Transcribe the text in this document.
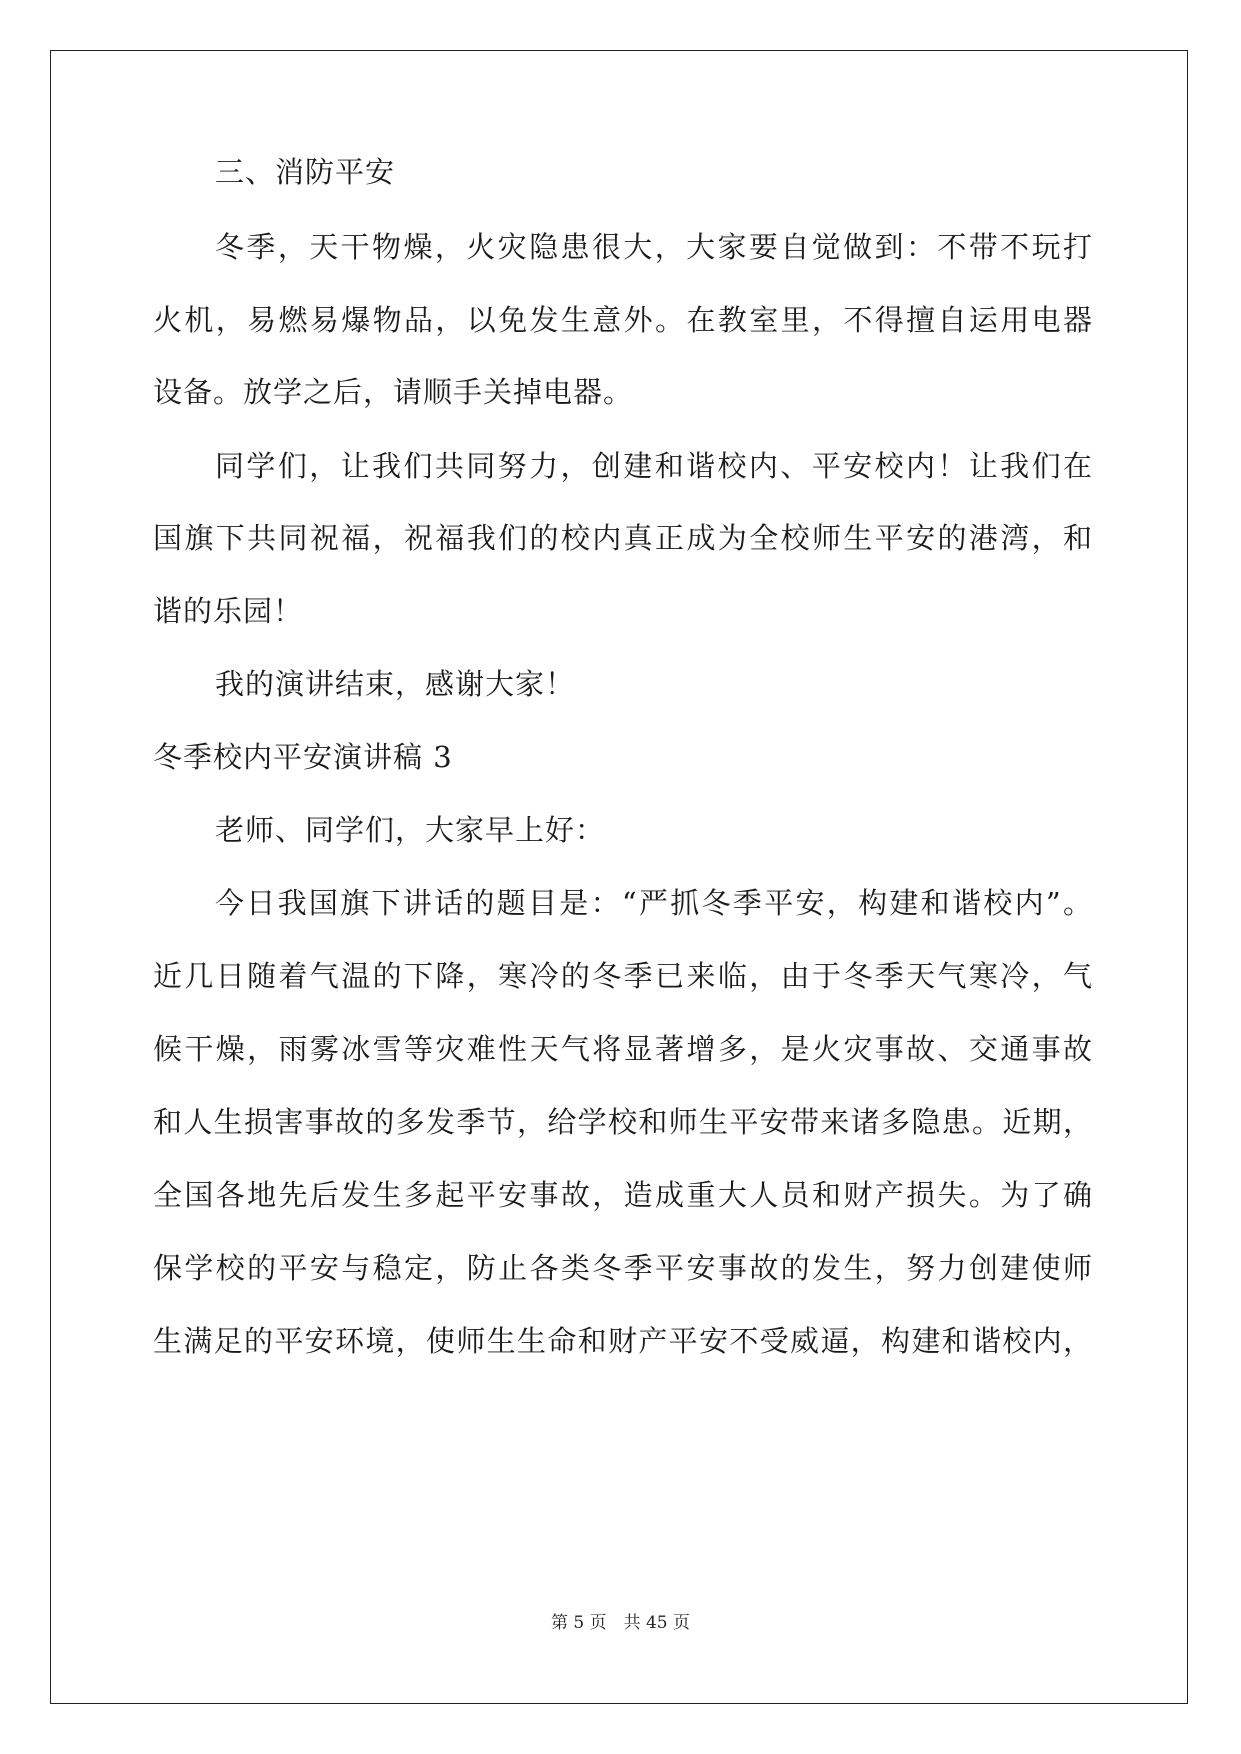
三、消防平安
冬季，天干物燥，火灾隐患很大，大家要自觉做到：不带不玩打
火机，易燃易爆物品，以免发生意外。在教室里，不得擅自运用电器
设备。放学之后，请顺手关掉电器。
同学们，让我们共同努力，创建和谐校内、平安校内！让我们在
国旗下共同祝福，祝福我们的校内真正成为全校师生平安的港湾，和
谐的乐园！
我的演讲结束，感谢大家！
冬季校内平安演讲稿 3
老师、同学们，大家早上好：
今日我国旗下讲话的题目是：“严抓冬季平安，构建和谐校内”。
近几日随着气温的下降，寒冷的冬季已来临，由于冬季天气寒冷，气
候干燥，雨雾冰雪等灾难性天气将显著增多，是火灾事故、交通事故
和人生损害事故的多发季节，给学校和师生平安带来诸多隐患。近期，
全国各地先后发生多起平安事故，造成重大人员和财产损失。为了确
保学校的平安与稳定，防止各类冬季平安事故的发生，努力创建使师
生满足的平安环境，使师生生命和财产平安不受威逼，构建和谐校内，
第 5 页　共 45 页
